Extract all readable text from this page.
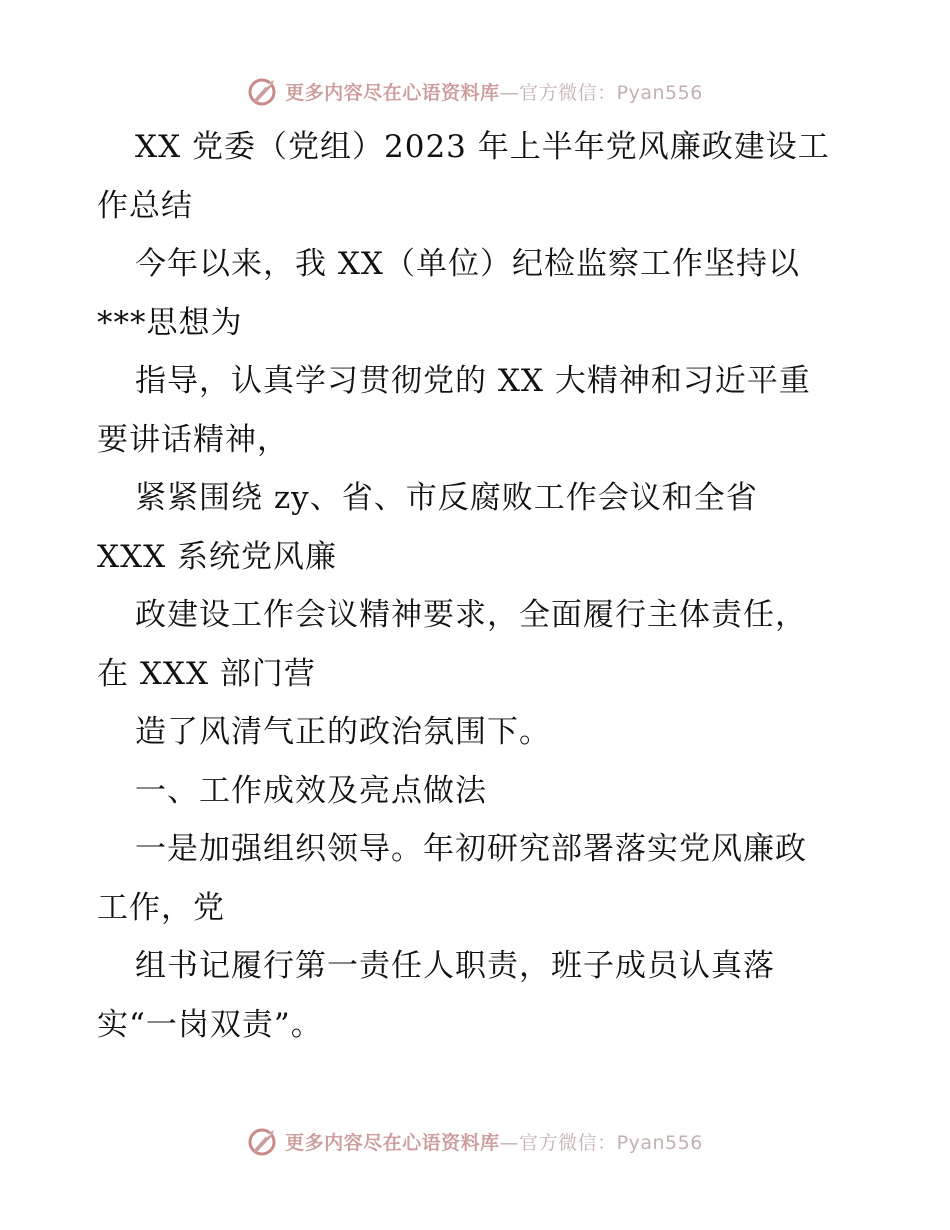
更多内容尽在心语资料库—官方微信：Pyan556

XX 党委（党组）2023 年上半年党风廉政建设工

作总结

今年以来，我 XX（单位）纪检监察工作坚持以

***思想为

指导，认真学习贯彻党的 XX 大精神和习近平重

要讲话精神，

紧紧围绕 zy、省、市反腐败工作会议和全省

XXX 系统党风廉

政建设工作会议精神要求，全面履行主体责任，

在 XXX 部门营

造了风清气正的政治氛围下。

一、工作成效及亮点做法

一是加强组织领导。年初研究部署落实党风廉政

工作，党

组书记履行第一责任人职责，班子成员认真落

实“一岗双责”。

更多内容尽在心语资料库—官方微信：Pyan556
